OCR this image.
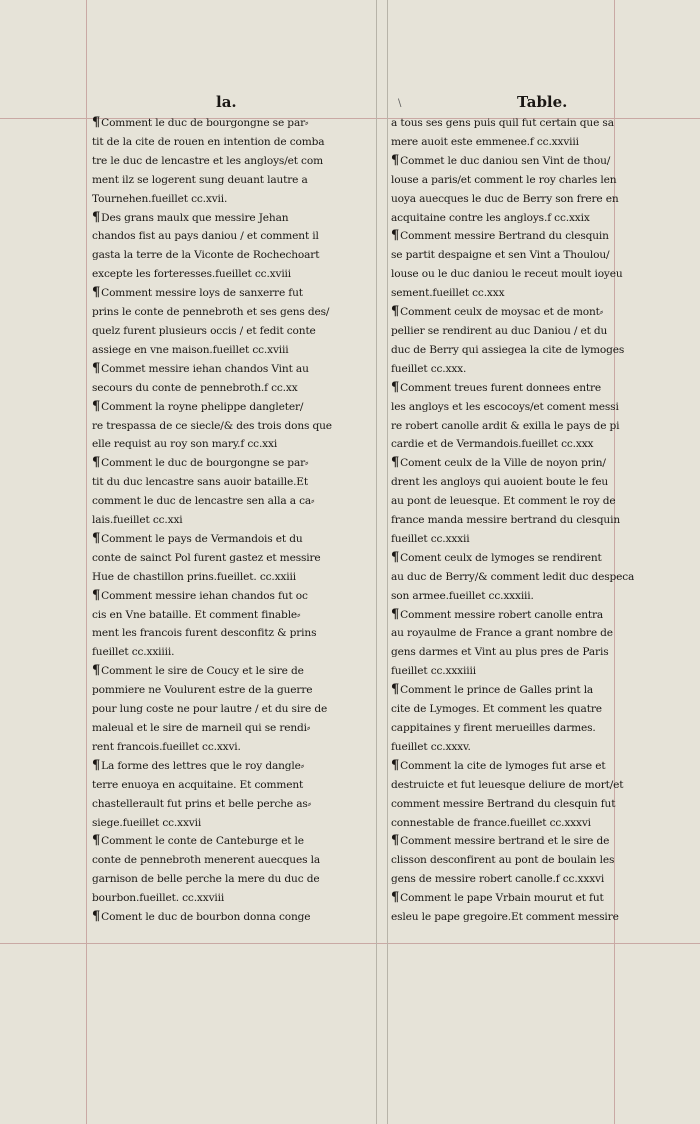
\
la.	Table.
¶Comment le duc de bourgongne se par⸗
tit de la cite de rouen en intention de comba
tre le duc de lencastre et les angloys/et com
ment ilz se logerent sung deuant lautre a
Tournehen.fueillet cc.xvii.
¶Des grans maulx que messire Jehan
chandos fist au pays daniou / et comment il
gasta la terre de la Viconte de Rochechoart
excepte les forteresses.fueillet cc.xviii
¶Comment messire loys de sanxerre fut
prins le conte de pennebroth et ses gens des/
quelz furent plusieurs occis / et fedit conte
assiege en vne maison.fueillet cc.xviii
¶Commet messire iehan chandos Vint au
secours du conte de pennebroth.f cc.xx
¶Comment la royne phelippe dangleter/
re trespassa de ce siecle/& des trois dons que
elle requist au roy son mary.f cc.xxi
¶Comment le duc de bourgongne se par⸗
tit du duc lencastre sans auoir bataille.Et
comment le duc de lencastre sen alla a ca⸗
lais.fueillet cc.xxi
¶Comment le pays de Vermandois et du
conte de sainct Pol furent gastez et messire
Hue de chastillon prins.fueillet. cc.xxiii
¶Comment messire iehan chandos fut oc
cis en Vne bataille. Et comment finable⸗
ment les francois furent desconfitz & prins
fueillet cc.xxiiii.
¶Comment le sire de Coucy et le sire de
pommiere ne Voulurent estre de la guerre
pour lung coste ne pour lautre / et du sire de
maleual et le sire de marneil qui se rendi⸗
rent francois.fueillet cc.xxvi.
¶La forme des lettres que le roy dangle⸗
terre enuoya en acquitaine. Et comment
chastellerault fut prins et belle perche as⸗
siege.fueillet cc.xxvii
¶Comment le conte de Canteburge et le
conte de pennebroth menerent auecques la
garnison de belle perche la mere du duc de
bourbon.fueillet. cc.xxviii
¶Coment le duc de bourbon donna conge
a tous ses gens puis quil fut certain que sa
mere auoit este emmenee.f cc.xxviii
¶Commet le duc daniou sen Vint de thou/
louse a paris/et comment le roy charles len
uoya auecques le duc de Berry son frere en
acquitaine contre les angloys.f cc.xxix
¶Comment messire Bertrand du clesquin
se partit despaigne et sen Vint a Thoulou/
louse ou le duc daniou le receut moult ioyeu
sement.fueillet cc.xxx
¶Comment ceulx de moysac et de mont⸗
pellier se rendirent au duc Daniou / et du
duc de Berry qui assiegea la cite de lymoges
fueillet cc.xxx.
¶Comment treues furent donnees entre
les angloys et les escocoys/et coment messi
re robert canolle ardit & exilla le pays de pi
cardie et de Vermandois.fueillet cc.xxx
¶Coment ceulx de la Ville de noyon prin/
drent les angloys qui auoient boute le feu
au pont de leuesque. Et comment le roy de
france manda messire bertrand du clesquin
fueillet cc.xxxii
¶Coment ceulx de lymoges se rendirent
au duc de Berry/& comment ledit duc despeca
son armee.fueillet cc.xxxiii.
¶Comment messire robert canolle entra
au royaulme de France a grant nombre de
gens darmes et Vint au plus pres de Paris
fueillet cc.xxxiiii
¶Comment le prince de Galles print la
cite de Lymoges. Et comment les quatre
cappitaines y firent merueilles darmes.
fueillet cc.xxxv.
¶Comment la cite de lymoges fut arse et
destruicte et fut leuesque deliure de mort/et
comment messire Bertrand du clesquin fut
connestable de france.fueillet cc.xxxvi
¶Comment messire bertrand et le sire de
clisson desconfirent au pont de boulain les
gens de messire robert canolle.f cc.xxxvi
¶Comment le pape Vrbain mourut et fut
esleu le pape gregoire.Et comment messire
